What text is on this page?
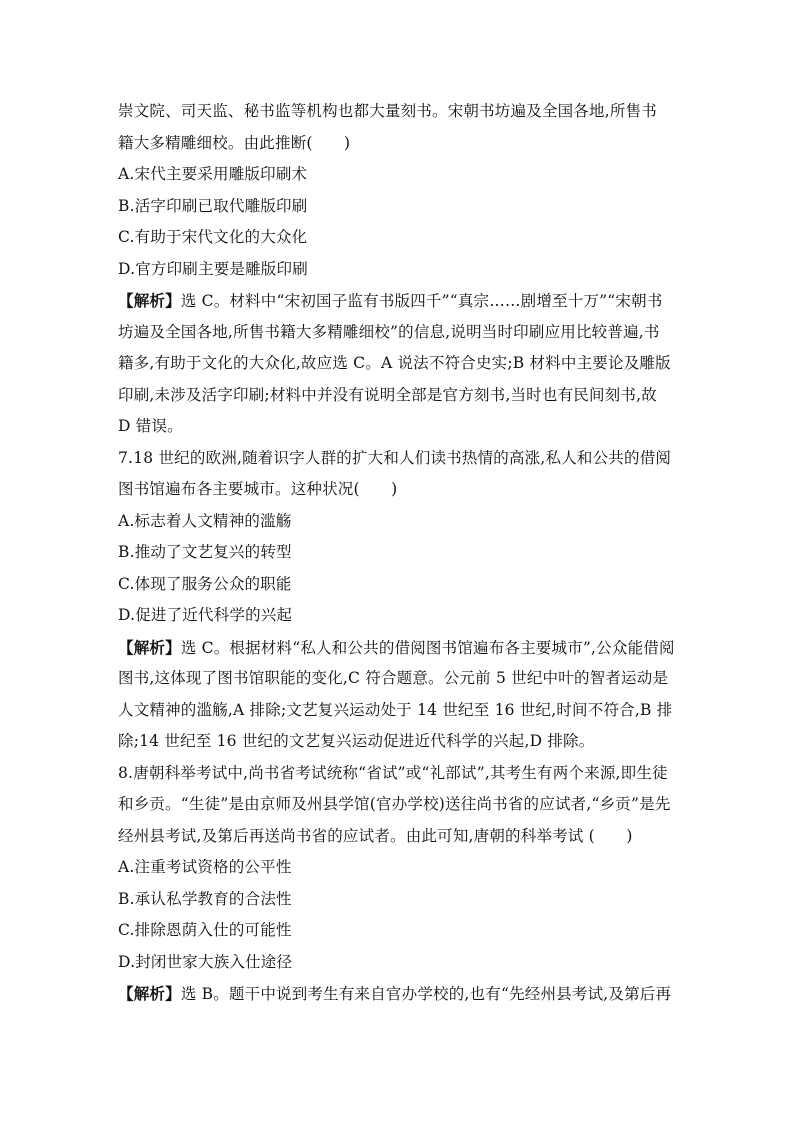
崇文院、司天监、秘书监等机构也都大量刻书。宋朝书坊遍及全国各地,所售书
籍大多精雕细校。由此推断(　　)
A.宋代主要采用雕版印刷术
B.活字印刷已取代雕版印刷
C.有助于宋代文化的大众化
D.官方印刷主要是雕版印刷
【解析】选 C。材料中“宋初国子监有书版四千”“真宗……剧增至十万”“宋朝书
坊遍及全国各地,所售书籍大多精雕细校”的信息,说明当时印刷应用比较普遍,书
籍多,有助于文化的大众化,故应选 C。A 说法不符合史实;B 材料中主要论及雕版
印刷,未涉及活字印刷;材料中并没有说明全部是官方刻书,当时也有民间刻书,故
D 错误。
7.18 世纪的欧洲,随着识字人群的扩大和人们读书热情的高涨,私人和公共的借阅
图书馆遍布各主要城市。这种状况(　　)
A.标志着人文精神的滥觞
B.推动了文艺复兴的转型
C.体现了服务公众的职能
D.促进了近代科学的兴起
【解析】选 C。根据材料“私人和公共的借阅图书馆遍布各主要城市”,公众能借阅
图书,这体现了图书馆职能的变化,C 符合题意。公元前 5 世纪中叶的智者运动是
人文精神的滥觞,A 排除;文艺复兴运动处于 14 世纪至 16 世纪,时间不符合,B 排
除;14 世纪至 16 世纪的文艺复兴运动促进近代科学的兴起,D 排除。
8.唐朝科举考试中,尚书省考试统称“省试”或“礼部试”,其考生有两个来源,即生徒
和乡贡。“生徒”是由京师及州县学馆(官办学校)送往尚书省的应试者,“乡贡”是先
经州县考试,及第后再送尚书省的应试者。由此可知,唐朝的科举考试 (　　)
A.注重考试资格的公平性
B.承认私学教育的合法性
C.排除恩荫入仕的可能性
D.封闭世家大族入仕途径
【解析】选 B。题干中说到考生有来自官办学校的,也有“先经州县考试,及第后再
